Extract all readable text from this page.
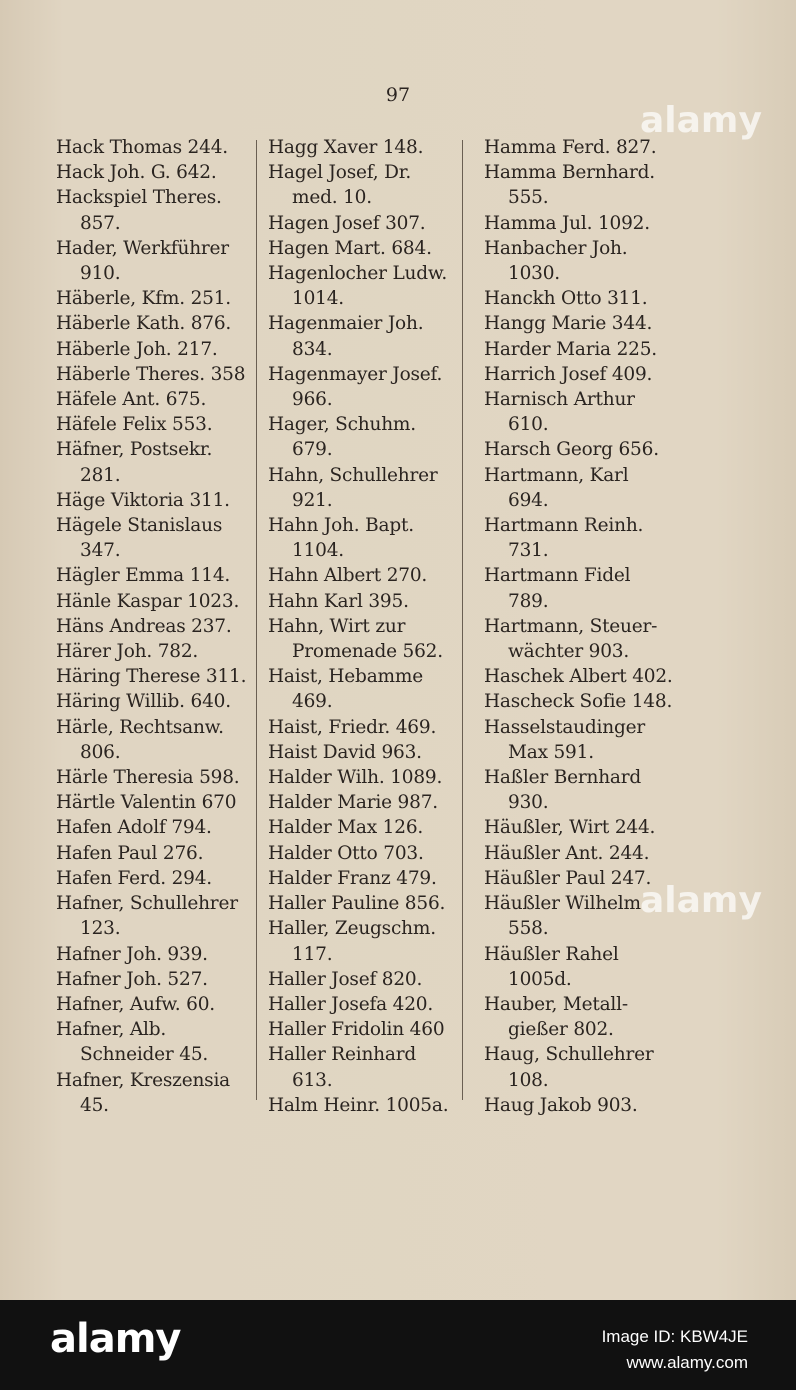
97
Hack Thomas 244.
Hack Joh. G. 642.
Hackspiel Theres.
857.
Hader, Werkführer
910.
Häberle, Kfm. 251.
Häberle Kath. 876.
Häberle Joh. 217.
Häberle Theres. 358
Häfele Ant. 675.
Häfele Felix 553.
Häfner, Postsekr.
281.
Häge Viktoria 311.
Hägele Stanislaus
347.
Hägler Emma 114.
Hänle Kaspar 1023.
Häns Andreas 237.
Härer Joh. 782.
Häring Therese 311.
Häring Willib. 640.
Härle, Rechtsanw.
806.
Härle Theresia 598.
Härtle Valentin 670
Hafen Adolf 794.
Hafen Paul 276.
Hafen Ferd. 294.
Hafner, Schullehrer
123.
Hafner Joh. 939.
Hafner Joh. 527.
Hafner, Aufw. 60.
Hafner, Alb.
Schneider 45.
Hafner, Kreszensia
45.
Hagg Xaver 148.
Hagel Josef, Dr.
med. 10.
Hagen Josef 307.
Hagen Mart. 684.
Hagenlocher Ludw.
1014.
Hagenmaier Joh.
834.
Hagenmayer Josef.
966.
Hager, Schuhm.
679.
Hahn, Schullehrer
921.
Hahn Joh. Bapt.
1104.
Hahn Albert 270.
Hahn Karl 395.
Hahn, Wirt zur
Promenade 562.
Haist, Hebamme
469.
Haist, Friedr. 469.
Haist David 963.
Halder Wilh. 1089.
Halder Marie 987.
Halder Max 126.
Halder Otto 703.
Halder Franz 479.
Haller Pauline 856.
Haller, Zeugschm.
117.
Haller Josef 820.
Haller Josefa 420.
Haller Fridolin 460
Haller Reinhard
613.
Halm Heinr. 1005a.
Hamma Ferd. 827.
Hamma Bernhard.
555.
Hamma Jul. 1092.
Hanbacher Joh.
1030.
Hanckh Otto 311.
Hangg Marie 344.
Harder Maria 225.
Harrich Josef 409.
Harnisch Arthur
610.
Harsch Georg 656.
Hartmann, Karl
694.
Hartmann Reinh.
731.
Hartmann Fidel
789.
Hartmann, Steuer-
wächter 903.
Haschek Albert 402.
Hascheck Sofie 148.
Hasselstaudinger
Max 591.
Haßler Bernhard
930.
Häußler, Wirt 244.
Häußler Ant. 244.
Häußler Paul 247.
Häußler Wilhelm
558.
Häußler Rahel
1005d.
Hauber, Metall-
gießer 802.
Haug, Schullehrer
108.
Haug Jakob 903.
alamy
alamy
alamy	Image ID: KBW4JE
www.alamy.com
